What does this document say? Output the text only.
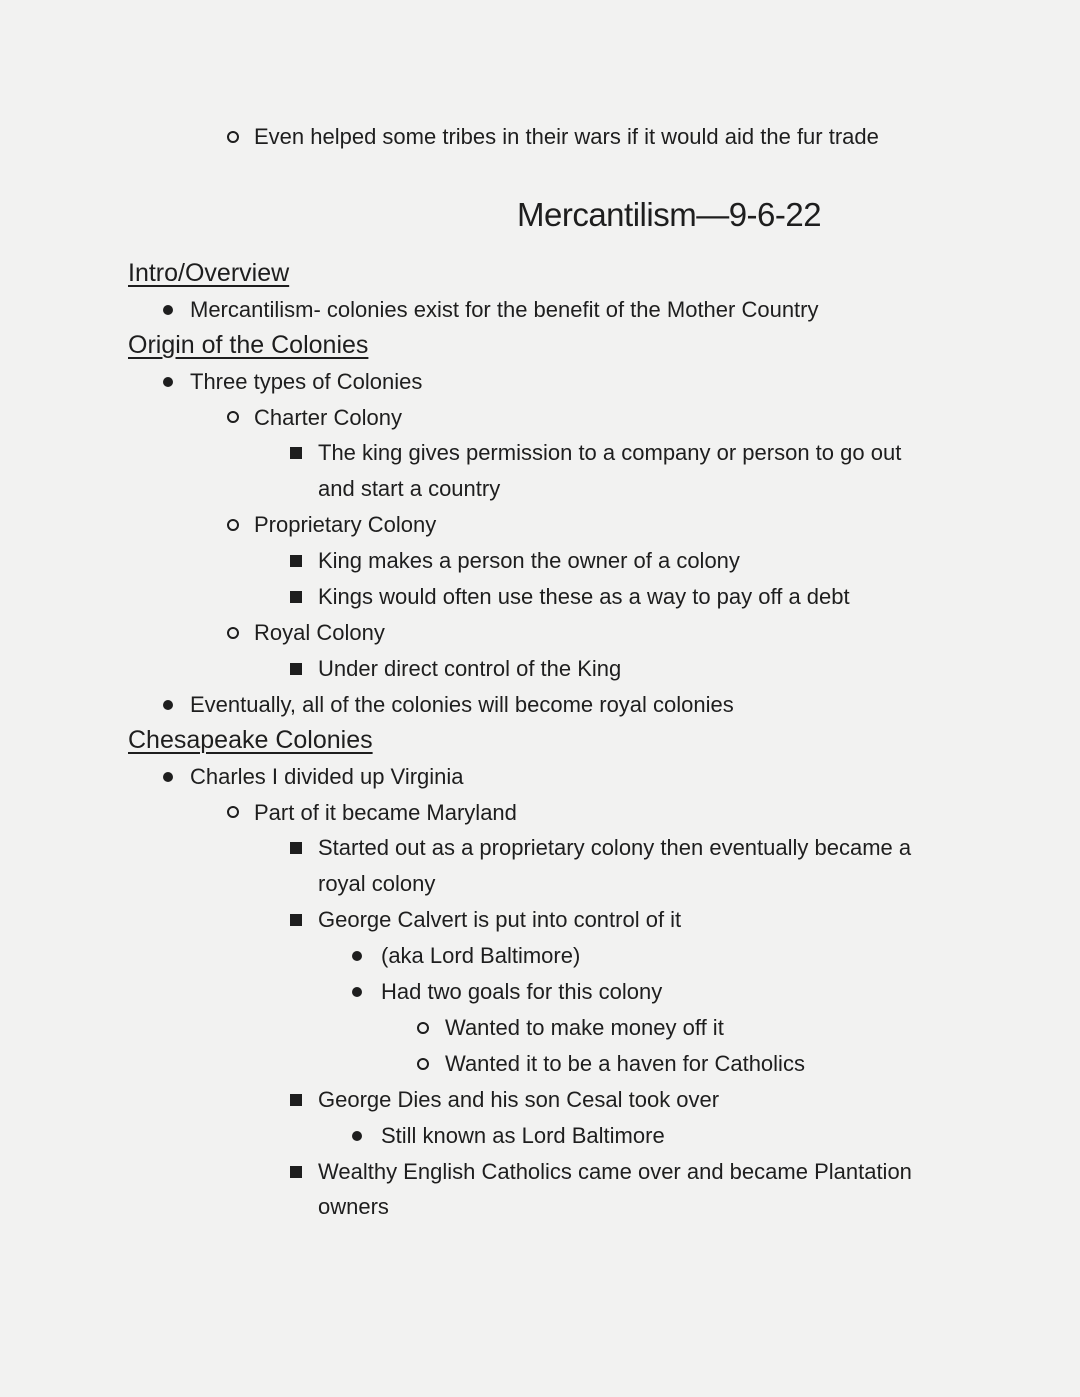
Even helped some tribes in their wars if it would aid the fur trade
Mercantilism—9-6-22
Intro/Overview
Mercantilism- colonies exist for the benefit of the Mother Country
Origin of the Colonies
Three types of Colonies
Charter Colony
The king gives permission to a company or person to go out
and start a country
Proprietary Colony
King makes a person the owner of a colony
Kings would often use these as a way to pay off a debt
Royal Colony
Under direct control of the King
Eventually, all of the colonies will become royal colonies
Chesapeake Colonies
Charles I divided up Virginia
Part of it became Maryland
Started out as a proprietary colony then eventually became a
royal colony
George Calvert is put into control of it
(aka Lord Baltimore)
Had two goals for this colony
Wanted to make money off it
Wanted it to be a haven for Catholics
George Dies and his son Cesal took over
Still known as Lord Baltimore
Wealthy English Catholics came over and became Plantation
owners
